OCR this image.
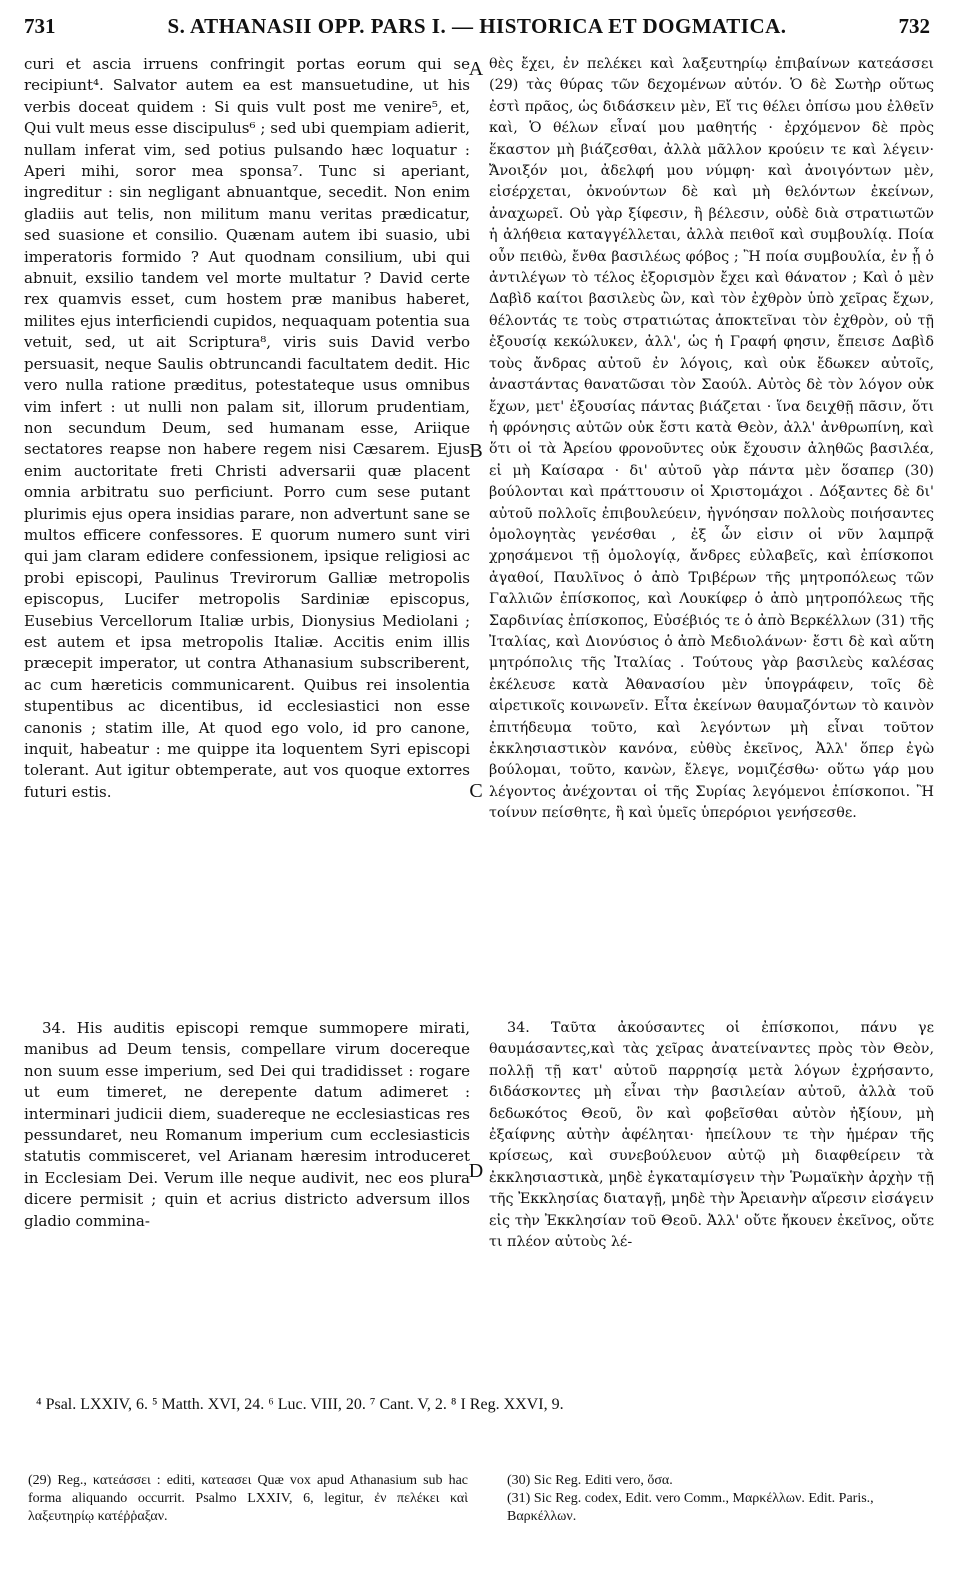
731	S. ATHANASII OPP. PARS I. — HISTORICA ET DOGMATICA.	732

curi et ascia irruens confringit portas eorum qui se recipiunt⁴. Salvator autem ea est mansuetudine, ut his verbis doceat quidem : Si quis vult post me venire⁵, et, Qui vult meus esse discipulus⁶ ; sed ubi quempiam adierit, nullam inferat vim, sed potius pulsando hæc loquatur : Aperi mihi, soror mea sponsa⁷. Tunc si aperiant, ingreditur : sin negligant abnuantque, secedit. Non enim gladiis aut telis, non militum manu veritas prædicatur, sed suasione et consilio. Quænam autem ibi suasio, ubi imperatoris formido ? Aut quodnam consilium, ubi qui abnuit, exsilio tandem vel morte multatur ? David certe rex quamvis esset, cum hostem præ manibus haberet, milites ejus interficiendi cupidos, nequaquam potentia sua vetuit, sed, ut ait Scriptura⁸, viris suis David verbo persuasit, neque Saulis obtruncandi facultatem dedit. Hic vero nulla ratione præditus, potestateque usus omnibus vim infert : ut nulli non palam sit, illorum prudentiam, non secundum Deum, sed humanam esse, Ariique sectatores reapse non habere regem nisi Cæsarem. Ejus enim auctoritate freti Christi adversarii quæ placent omnia arbitratu suo perficiunt. Porro cum sese putant plurimis ejus opera insidias parare, non advertunt sane se multos efficere confessores. E quorum numero sunt viri qui jam claram edidere confessionem, ipsique religiosi ac probi episcopi, Paulinus Trevirorum Galliæ metropolis episcopus, Lucifer metropolis Sardiniæ episcopus, Eusebius Vercellorum Italiæ urbis, Dionysius Mediolani ; est autem et ipsa metropolis Italiæ. Accitis enim illis præcepit imperator, ut contra Athanasium subscriberent, ac cum hæreticis communicarent. Quibus rei insolentia stupentibus ac dicentibus, id ecclesiastici non esse canonis ; statim ille, At quod ego volo, id pro canone, inquit, habeatur : me quippe ita loquentem Syri episcopi tolerant. Aut igitur obtemperate, aut vos quoque extorres futuri estis.

θὲς ἔχει, ἐν πελέκει καὶ λαξευτηρίῳ ἐπιβαίνων κατεάσσει (29) τὰς θύρας τῶν δεχομένων αὐτόν. Ὁ δὲ Σωτὴρ οὕτως ἐστὶ πρᾶος, ὡς διδάσκειν μὲν, Εἴ τις θέλει ὀπίσω μου ἐλθεῖν καὶ, Ὁ θέλων εἶναί μου μαθητής · ἐρχόμενον δὲ πρὸς ἕκαστον μὴ βιάζεσθαι, ἀλλὰ μᾶλλον κρούειν τε καὶ λέγειν· Ἄνοιξόν μοι, ἀδελφή μου νύμφη· καὶ ἀνοιγόντων μὲν, εἰσέρχεται, ὀκνούντων δὲ καὶ μὴ θελόντων ἐκείνων, ἀναχωρεῖ. Οὐ γὰρ ξίφεσιν, ἢ βέλεσιν, οὐδὲ διὰ στρατιωτῶν ἡ ἀλήθεια καταγγέλλεται, ἀλλὰ πειθοῖ καὶ συμβουλίᾳ. Ποία οὖν πειθὼ, ἔνθα βασιλέως φόβος ; Ἢ ποία συμβουλία, ἐν ᾗ ὁ ἀντιλέγων τὸ τέλος ἐξορισμὸν ἔχει καὶ θάνατον ; Καὶ ὁ μὲν Δαβὶδ καίτοι βασιλεὺς ὢν, καὶ τὸν ἐχθρὸν ὑπὸ χεῖρας ἔχων, θέλοντάς τε τοὺς στρατιώτας ἀποκτεῖναι τὸν ἐχθρὸν, οὐ τῇ ἐξουσίᾳ κεκώλυκεν, ἀλλ', ὡς ἡ Γραφή φησιν, ἔπεισε Δαβὶδ τοὺς ἄνδρας αὐτοῦ ἐν λόγοις, καὶ οὐκ ἔδωκεν αὐτοῖς, ἀναστάντας θανατῶσαι τὸν Σαούλ. Αὐτὸς δὲ τὸν λόγον οὐκ ἔχων, μετ' ἐξουσίας πάντας βιάζεται · ἵνα δειχθῇ πᾶσιν, ὅτι ἡ φρόνησις αὐτῶν οὐκ ἔστι κατὰ Θεὸν, ἀλλ' ἀνθρωπίνη, καὶ ὅτι οἱ τὰ Ἀρείου φρονοῦντες οὐκ ἔχουσιν ἀληθῶς βασιλέα, εἰ μὴ Καίσαρα · δι' αὐτοῦ γὰρ πάντα μὲν ὅσαπερ (30) βούλονται καὶ πράττουσιν οἱ Χριστομάχοι . Δόξαντες δὲ δι' αὐτοῦ πολλοῖς ἐπιβουλεύειν, ἠγνόησαν πολλοὺς ποιήσαντες ὁμολογητὰς γενέσθαι , ἐξ ὧν εἰσιν οἱ νῦν λαμπρᾷ χρησάμενοι τῇ ὁμολογίᾳ, ἄνδρες εὐλαβεῖς, καὶ ἐπίσκοποι ἀγαθοί, Παυλῖνος ὁ ἀπὸ Τριβέρων τῆς μητροπόλεως τῶν Γαλλιῶν ἐπίσκοπος, καὶ Λουκίφερ ὁ ἀπὸ μητροπόλεως τῆς Σαρδινίας ἐπίσκοπος, Εὐσέβιός τε ὁ ἀπὸ Βερκέλλων (31) τῆς Ἰταλίας, καὶ Διονύσιος ὁ ἀπὸ Μεδιολάνων· ἔστι δὲ καὶ αὕτη μητρόπολις τῆς Ἰταλίας . Τούτους γὰρ βασιλεὺς καλέσας ἐκέλευσε κατὰ Ἀθανασίου μὲν ὑπογράφειν, τοῖς δὲ αἱρετικοῖς κοινωνεῖν. Εἶτα ἐκείνων θαυμαζόντων τὸ καινὸν ἐπιτήδευμα τοῦτο, καὶ λεγόντων μὴ εἶναι τοῦτον ἐκκλησιαστικὸν κανόνα, εὐθὺς ἐκεῖνος, Ἀλλ' ὅπερ ἐγὼ βούλομαι, τοῦτο, κανὼν, ἔλεγε, νομιζέσθω· οὕτω γάρ μου λέγοντος ἀνέχονται οἱ τῆς Συρίας λεγόμενοι ἐπίσκοποι. Ἢ τοίνυν πείσθητε, ἢ καὶ ὑμεῖς ὑπερόριοι γενήσεσθε.

A
B
C
D

34. His auditis episcopi remque summopere mirati, manibus ad Deum tensis, compellare virum docereque non suum esse imperium, sed Dei qui tradidisset : rogare ut eum timeret, ne derepente datum adimeret : interminari judicii diem, suadereque ne ecclesiasticas res pessundaret, neu Romanum imperium cum ecclesiasticis statutis commisceret, vel Arianam hæresim introduceret in Ecclesiam Dei. Verum ille neque audivit, nec eos plura dicere permisit ; quin et acrius districto adversum illos gladio commina-

34. Ταῦτα ἀκούσαντες οἱ ἐπίσκοποι, πάνυ γε θαυμάσαντες,καὶ τὰς χεῖρας ἀνατείναντες πρὸς τὸν Θεὸν, πολλῇ τῇ κατ' αὐτοῦ παρρησίᾳ μετὰ λόγων ἐχρήσαντο, διδάσκοντες μὴ εἶναι τὴν βασιλείαν αὐτοῦ, ἀλλὰ τοῦ δεδωκότος Θεοῦ, ὃν καὶ φοβεῖσθαι αὐτὸν ἠξίουν, μὴ ἐξαίφνης αὐτὴν ἀφέληται· ἠπείλουν τε τὴν ἡμέραν τῆς κρίσεως, καὶ συνεβούλευον αὐτῷ μὴ διαφθείρειν τὰ ἐκκλησιαστικὰ, μηδὲ ἐγκαταμίσγειν τὴν Ῥωμαϊκὴν ἀρχὴν τῇ τῆς Ἐκκλησίας διαταγῇ, μηδὲ τὴν Ἀρειανὴν αἵρεσιν εἰσάγειν εἰς τὴν Ἐκκλησίαν τοῦ Θεοῦ. Ἀλλ' οὔτε ἤκουεν ἐκεῖνος, οὔτε τι πλέον αὐτοὺς λέ-

⁴ Psal. LXXIV, 6. ⁵ Matth. XVI, 24. ⁶ Luc. VIII, 20. ⁷ Cant. V, 2. ⁸ I Reg. XXVI, 9.

(29) Reg., κατεάσσει : editi, κατεασει Quæ vox apud Athanasium sub hac forma aliquando occurrit. Psalmo LXXIV, 6, legitur, ἐν πελέκει καὶ λαξευτηρίῳ κατέῤῥαξαν.

(30) Sic Reg. Editi vero, ὅσα.

(31) Sic Reg. codex, Edit. vero Comm., Μαρκέλλων. Edit. Paris., Βαρκέλλων.
